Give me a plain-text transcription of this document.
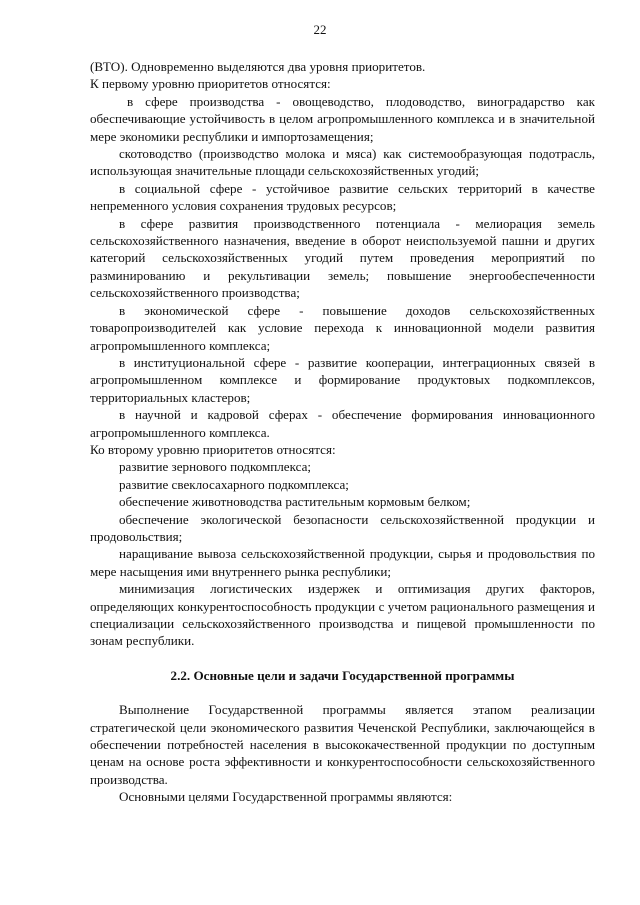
22

(ВТО). Одновременно выделяются два уровня приоритетов.

К первому уровню приоритетов относятся:

в сфере производства - овощеводство, плодоводство, виноградарство как обеспечивающие устойчивость в целом агропромышленного комплекса и в значительной мере экономики республики и импортозамещения;

скотоводство (производство молока и мяса) как системообразующая подотрасль, использующая значительные площади сельскохозяйственных угодий;

в социальной сфере - устойчивое развитие сельских территорий в качестве непременного условия сохранения трудовых ресурсов;

в сфере развития производственного потенциала - мелиорация земель сельскохозяйственного назначения, введение в оборот неиспользуемой пашни и других категорий сельскохозяйственных угодий путем проведения мероприятий по разминированию и рекультивации земель; повышение энергообеспеченности сельскохозяйственного производства;

в экономической сфере - повышение доходов сельскохозяйственных товаропроизводителей как условие перехода к инновационной модели развития агропромышленного комплекса;

в институциональной сфере - развитие кооперации, интеграционных связей в агропромышленном комплексе и формирование продуктовых подкомплексов, территориальных кластеров;

в научной и кадровой сферах - обеспечение формирования инновационного агропромышленного комплекса.

Ко второму уровню приоритетов относятся:

развитие зернового подкомплекса;

развитие свеклосахарного подкомплекса;

обеспечение животноводства растительным кормовым белком;

обеспечение экологической безопасности сельскохозяйственной продукции и продовольствия;

наращивание вывоза сельскохозяйственной продукции, сырья и продовольствия по мере насыщения ими внутреннего рынка республики;

минимизация логистических издержек и оптимизация других факторов, определяющих конкурентоспособность продукции с учетом рационального размещения и специализации сельскохозяйственного производства и пищевой промышленности по зонам республики.

2.2. Основные цели и задачи Государственной программы

Выполнение Государственной программы является этапом реализации стратегической цели экономического развития Чеченской Республики, заключающейся в обеспечении потребностей населения в высококачественной продукции по доступным ценам на основе роста эффективности и конкурентоспособности сельскохозяйственного производства.

Основными целями Государственной программы являются:
